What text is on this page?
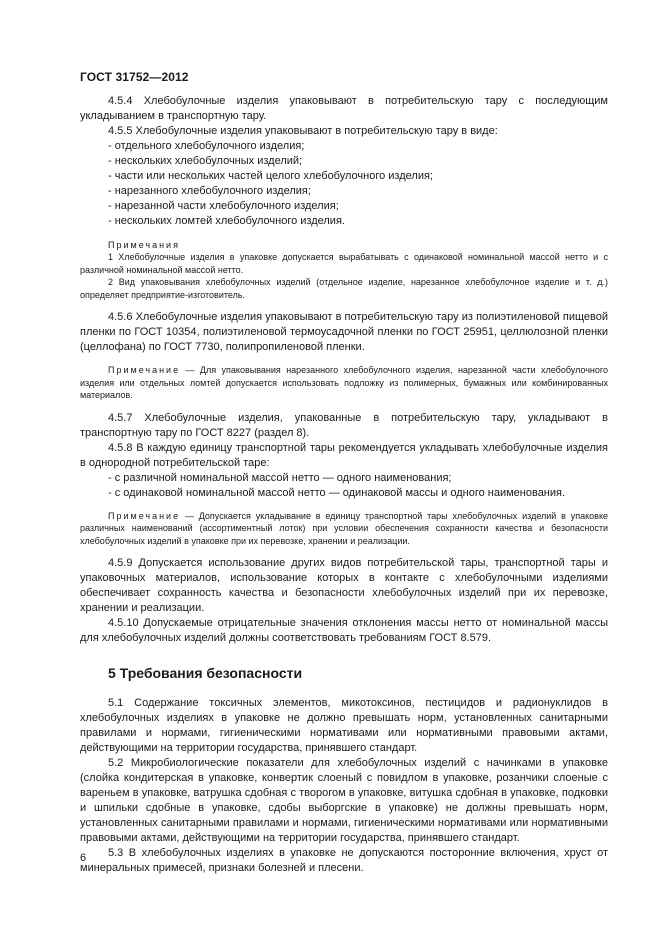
ГОСТ 31752—2012

4.5.4 Хлебобулочные изделия упаковывают в потребительскую тару с последующим укладыванием в транспортную тару.

4.5.5 Хлебобулочные изделия упаковывают в потребительскую тару в виде:

- отдельного хлебобулочного изделия;

- нескольких хлебобулочных изделий;

- части или нескольких частей целого хлебобулочного изделия;

- нарезанного хлебобулочного изделия;

- нарезанной части хлебобулочного изделия;

- нескольких ломтей хлебобулочного изделия.

Примечания

1 Хлебобулочные изделия в упаковке допускается вырабатывать с одинаковой номинальной массой нетто и с различной номинальной массой нетто.

2 Вид упаковывания хлебобулочных изделий (отдельное изделие, нарезанное хлебобулочное изделие и т. д.) определяет предприятие-изготовитель.

4.5.6 Хлебобулочные изделия упаковывают в потребительскую тару из полиэтиленовой пищевой пленки по ГОСТ 10354, полиэтиленовой термоусадочной пленки по ГОСТ 25951, целлюлозной пленки (целлофана) по ГОСТ 7730, полипропиленовой пленки.

Примечание — Для упаковывания нарезанного хлебобулочного изделия, нарезанной части хлебобулочного изделия или отдельных ломтей допускается использовать подложку из полимерных, бумажных или комбинированных материалов.

4.5.7 Хлебобулочные изделия, упакованные в потребительскую тару, укладывают в транспортную тару по ГОСТ 8227 (раздел 8).

4.5.8 В каждую единицу транспортной тары рекомендуется укладывать хлебобулочные изделия в однородной потребительской таре:

- с различной номинальной массой нетто — одного наименования;

- с одинаковой номинальной массой нетто — одинаковой массы и одного наименования.

Примечание — Допускается укладывание в единицу транспортной тары хлебобулочных изделий в упаковке различных наименований (ассортиментный лоток) при условии обеспечения сохранности качества и безопасности хлебобулочных изделий в упаковке при их перевозке, хранении и реализации.

4.5.9 Допускается использование других видов потребительской тары, транспортной тары и упаковочных материалов, использование которых в контакте с хлебобулочными изделиями обеспечивает сохранность качества и безопасности хлебобулочных изделий при их перевозке, хранении и реализации.

4.5.10 Допускаемые отрицательные значения отклонения массы нетто от номинальной массы для хлебобулочных изделий должны соответствовать требованиям ГОСТ 8.579.

5 Требования безопасности

5.1 Содержание токсичных элементов, микотоксинов, пестицидов и радионуклидов в хлебобулочных изделиях в упаковке не должно превышать норм, установленных санитарными правилами и нормами, гигиеническими нормативами или нормативными правовыми актами, действующими на территории государства, принявшего стандарт.

5.2 Микробиологические показатели для хлебобулочных изделий с начинками в упаковке (слойка кондитерская в упаковке, конвертик слоеный с повидлом в упаковке, розанчики слоеные с вареньем в упаковке, ватрушка сдобная с творогом в упаковке, витушка сдобная в упаковке, подковки и шпильки сдобные в упаковке, сдобы выборгские в упаковке) не должны превышать норм, установленных санитарными правилами и нормами, гигиеническими нормативами или нормативными правовыми актами, действующими на территории государства, принявшего стандарт.

5.3 В хлебобулочных изделиях в упаковке не допускаются посторонние включения, хруст от минеральных примесей, признаки болезней и плесени.

6
